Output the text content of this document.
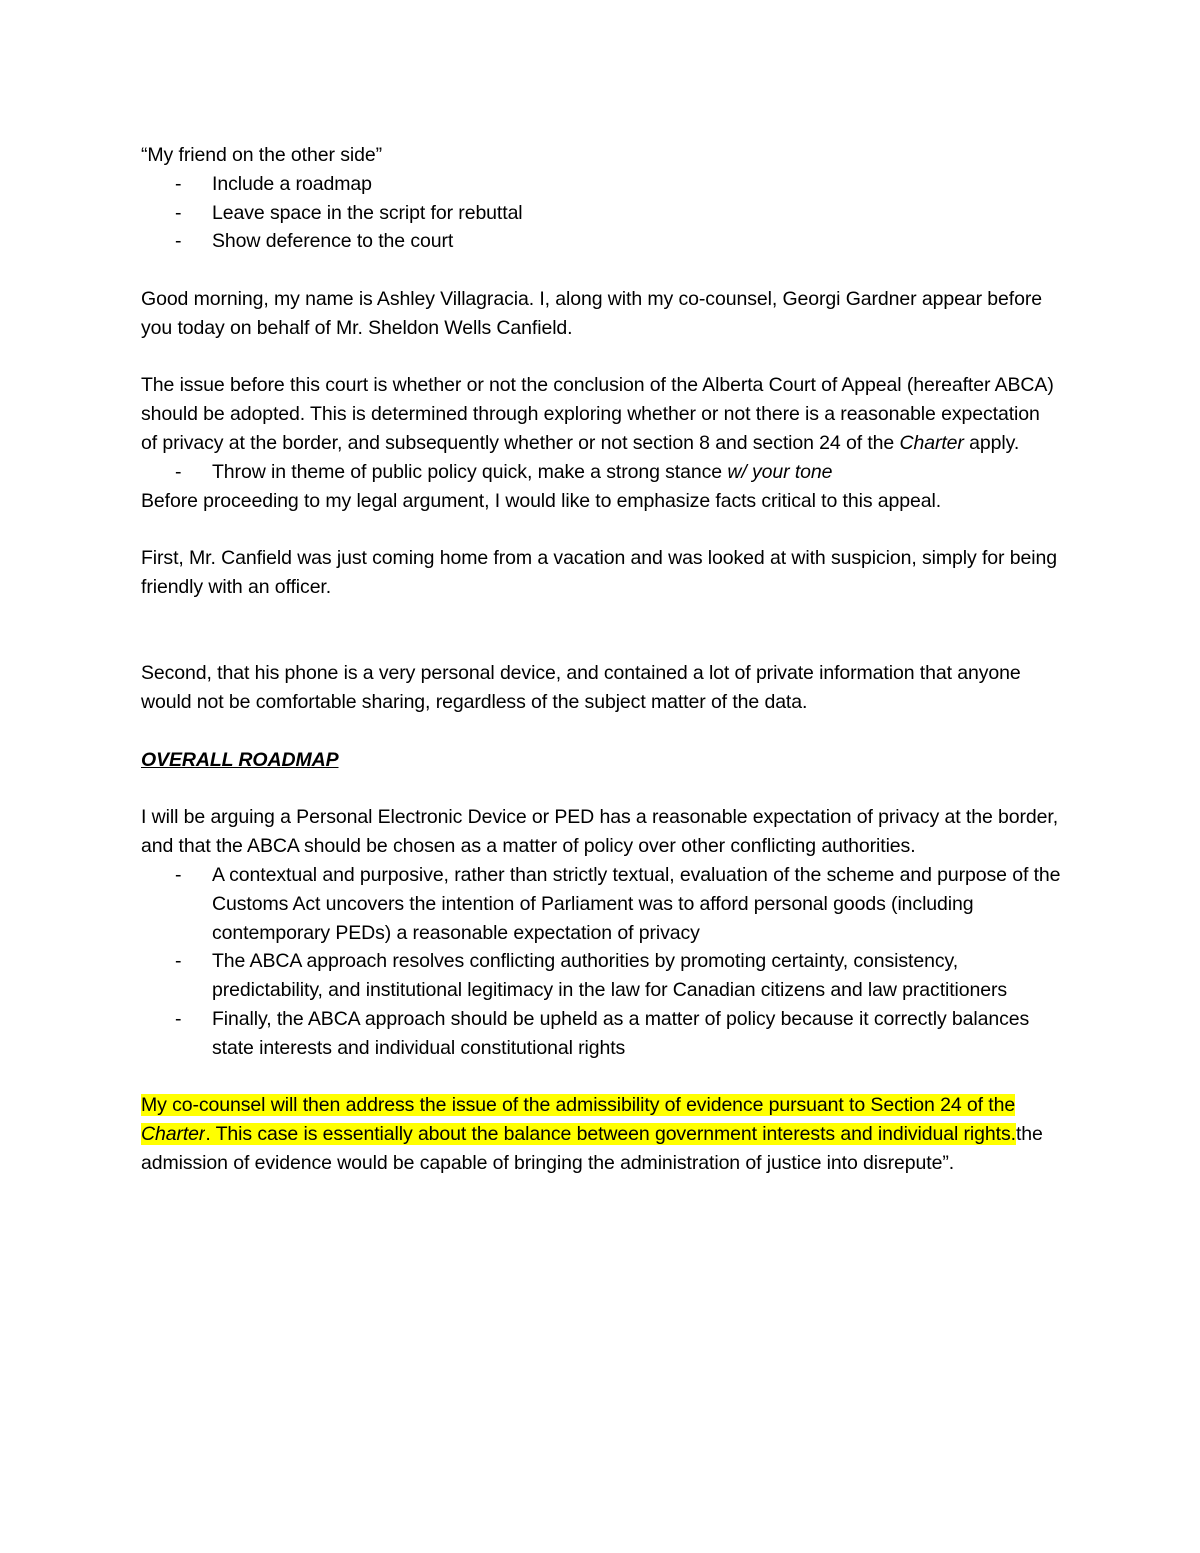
“My friend on the other side”

- Include a roadmap
- Leave space in the script for rebuttal
- Show deference to the court

Good morning, my name is Ashley Villagracia. I, along with my co-counsel, Georgi Gardner appear before you today on behalf of Mr. Sheldon Wells Canfield.

The issue before this court is whether or not the conclusion of the Alberta Court of Appeal (hereafter ABCA) should be adopted. This is determined through exploring whether or not there is a reasonable expectation of privacy at the border, and subsequently whether or not section 8 and section 24 of the Charter apply.

- Throw in theme of public policy quick, make a strong stance w/ your tone

Before proceeding to my legal argument, I would like to emphasize facts critical to this appeal.

First, Mr. Canfield was just coming home from a vacation and was looked at with suspicion, simply for being friendly with an officer.

Second, that his phone is a very personal device, and contained a lot of private information that anyone would not be comfortable sharing, regardless of the subject matter of the data.

OVERALL ROADMAP

I will be arguing a Personal Electronic Device or PED has a reasonable expectation of privacy at the border, and that the ABCA should be chosen as a matter of policy over other conflicting authorities.

- A contextual and purposive, rather than strictly textual, evaluation of the scheme and purpose of the Customs Act uncovers the intention of Parliament was to afford personal goods (including contemporary PEDs) a reasonable expectation of privacy
- The ABCA approach resolves conflicting authorities by promoting certainty, consistency, predictability, and institutional legitimacy in the law for Canadian citizens and law practitioners
- Finally, the ABCA approach should be upheld as a matter of policy because it correctly balances state interests and individual constitutional rights

My co-counsel will then address the issue of the admissibility of evidence pursuant to Section 24 of the Charter. This case is essentially about the balance between government interests and individual rights.the admission of evidence would be capable of bringing the administration of justice into disrepute”.
